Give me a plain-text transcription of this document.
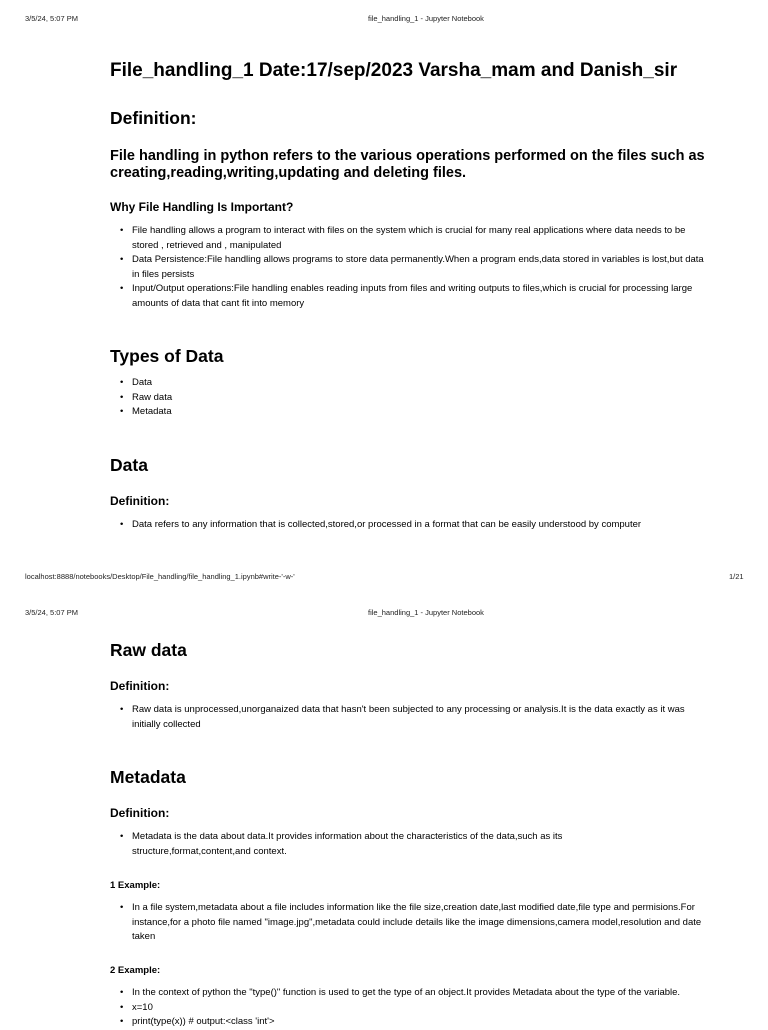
3/5/24, 5:07 PM	file_handling_1 - Jupyter Notebook
File_handling_1 Date:17/sep/2023 Varsha_mam and Danish_sir
Definition:
File handling in python refers to the various operations performed on the files such as creating,reading,writing,updating and deleting files.
Why File Handling Is Important?
• File handling allows a program to interact with files on the system which is crucial for many real applications where data needs to be stored , retrieved and , manipulated
• Data Persistence:File handling allows programs to store data permanently.When a program ends,data stored in variables is lost,but data in files persists
• Input/Output operations:File handling enables reading inputs from files and writing outputs to files,which is crucial for processing large amounts of data that cant fit into memory
Types of Data
• Data
• Raw data
• Metadata
Data
Definition:
• Data refers to any information that is collected,stored,or processed in a format that can be easily understood by computer
localhost:8888/notebooks/Desktop/File_handling/file_handling_1.ipynb#write-'-w-'	1/21
3/5/24, 5:07 PM	file_handling_1 - Jupyter Notebook
Raw data
Definition:
• Raw data is unprocessed,unorganaized data that hasn't been subjected to any processing or analysis.It is the data exactly as it was initially collected
Metadata
Definition:
• Metadata is the data about data.It provides information about the characteristics of the data,such as its structure,format,content,and context.
1 Example:
• In a file system,metadata about a file includes information like the file size,creation date,last modified date,file type and permisions.For instance,for a photo file named "image.jpg",metadata could include details like the image dimensions,camera model,resolution and date taken
2 Example:
• In the context of python the "type()" function is used to get the type of an object.It provides Metadata about the type of the variable.
• x=10
• print(type(x)) # output:<class 'int'>
